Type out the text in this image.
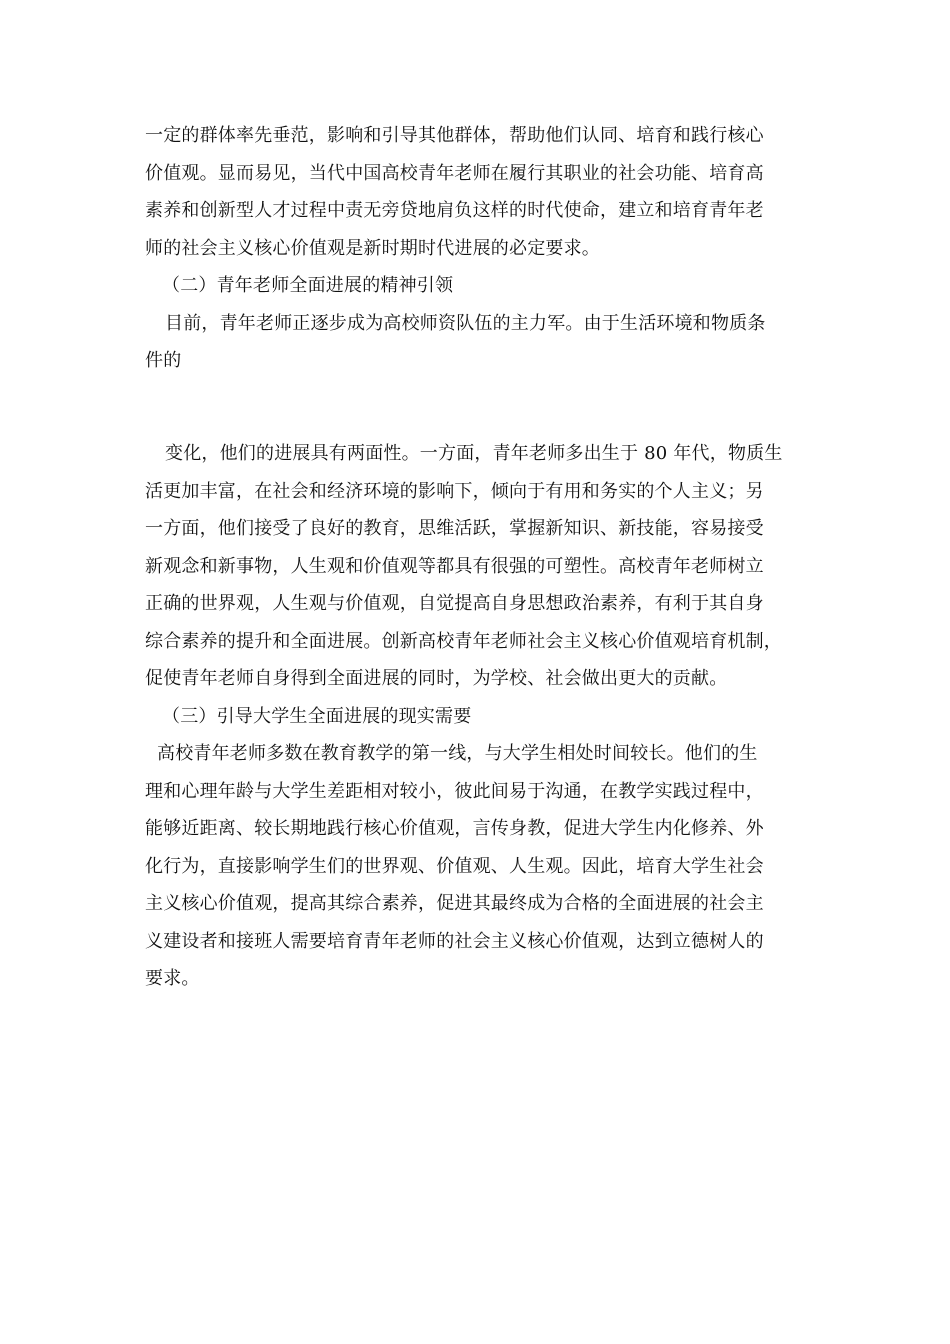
一定的群体率先垂范，影响和引导其他群体，帮助他们认同、培育和践行核心
价值观。显而易见，当代中国高校青年老师在履行其职业的社会功能、培育高
素养和创新型人才过程中责无旁贷地肩负这样的时代使命，建立和培育青年老
师的社会主义核心价值观是新时期时代进展的必定要求。
（二）青年老师全面进展的精神引领
目前，青年老师正逐步成为高校师资队伍的主力军。由于生活环境和物质条
件的
变化，他们的进展具有两面性。一方面，青年老师多出生于 80 年代，物质生
活更加丰富，在社会和经济环境的影响下，倾向于有用和务实的个人主义；另
一方面，他们接受了良好的教育，思维活跃，掌握新知识、新技能，容易接受
新观念和新事物，人生观和价值观等都具有很强的可塑性。高校青年老师树立
正确的世界观，人生观与价值观，自觉提高自身思想政治素养，有利于其自身
综合素养的提升和全面进展。创新高校青年老师社会主义核心价值观培育机制，
促使青年老师自身得到全面进展的同时，为学校、社会做出更大的贡献。
（三）引导大学生全面进展的现实需要
高校青年老师多数在教育教学的第一线，与大学生相处时间较长。他们的生
理和心理年龄与大学生差距相对较小，彼此间易于沟通，在教学实践过程中，
能够近距离、较长期地践行核心价值观，言传身教，促进大学生内化修养、外
化行为，直接影响学生们的世界观、价值观、人生观。因此，培育大学生社会
主义核心价值观，提高其综合素养，促进其最终成为合格的全面进展的社会主
义建设者和接班人需要培育青年老师的社会主义核心价值观，达到立德树人的
要求。
